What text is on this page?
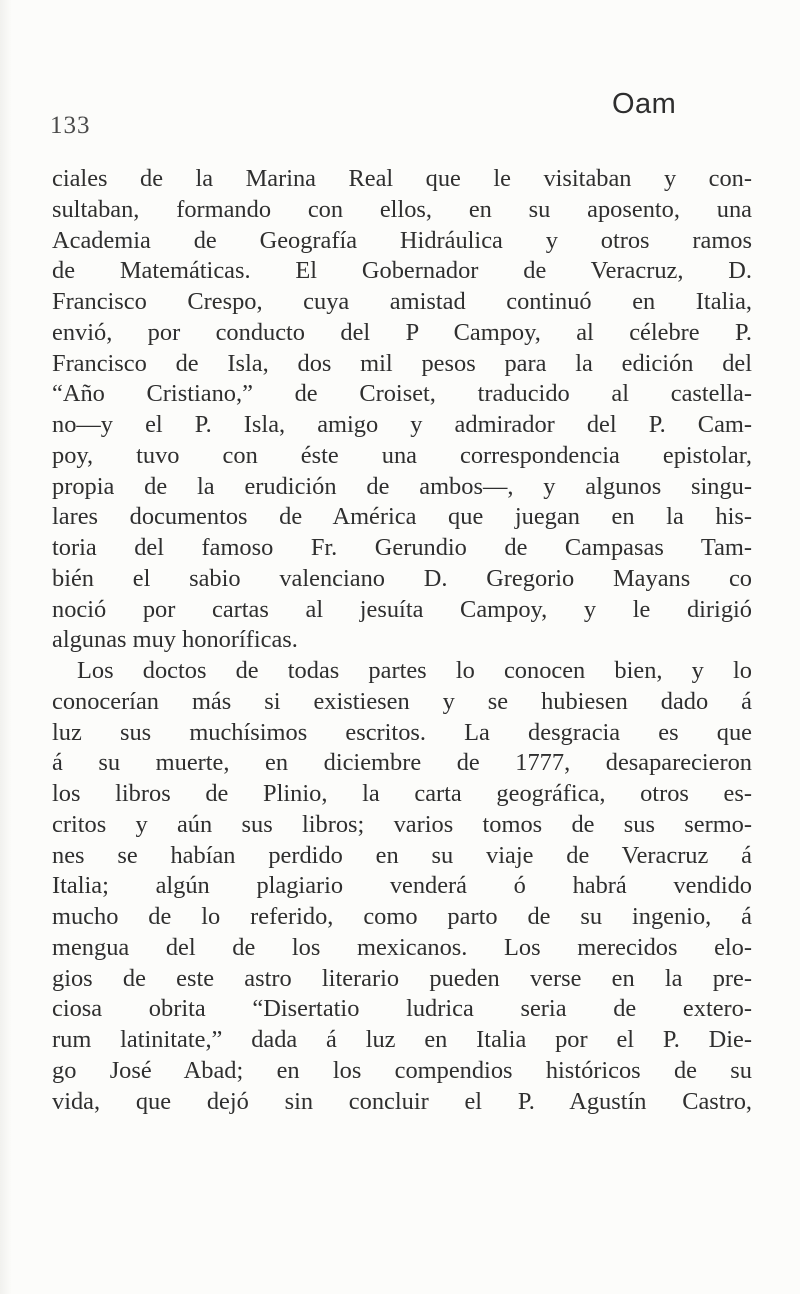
133
Oam
ciales de la Marina Real que le visitaban y con-
sultaban, formando con ellos, en su aposento, una
Academia de Geografía Hidráulica y otros ramos
de Matemáticas. El Gobernador de Veracruz, D.
Francisco Crespo, cuya amistad continuó en Italia,
envió, por conducto del P Campoy, al célebre P.
Francisco de Isla, dos mil pesos para la edición del
“Año Cristiano,” de Croiset, traducido al castella-
no—y el P. Isla, amigo y admirador del P. Cam-
poy, tuvo con éste una correspondencia epistolar,
propia de la erudición de ambos—, y algunos singu-
lares documentos de América que juegan en la his-
toria del famoso Fr. Gerundio de Campasas Tam-
bién el sabio valenciano D. Gregorio Mayans co
noció por cartas al jesuíta Campoy, y le dirigió
algunas muy honoríficas.
Los doctos de todas partes lo conocen bien, y lo
conocerían más si existiesen y se hubiesen dado á
luz sus muchísimos escritos. La desgracia es que
á su muerte, en diciembre de 1777, desaparecieron
los libros de Plinio, la carta geográfica, otros es-
critos y aún sus libros; varios tomos de sus sermo-
nes se habían perdido en su viaje de Veracruz á
Italia; algún plagiario venderá ó habrá vendido
mucho de lo referido, como parto de su ingenio, á
mengua del de los mexicanos. Los merecidos elo-
gios de este astro literario pueden verse en la pre-
ciosa obrita “Disertatio ludrica seria de extero-
rum latinitate,” dada á luz en Italia por el P. Die-
go José Abad; en los compendios históricos de su
vida, que dejó sin concluir el P. Agustín Castro,
